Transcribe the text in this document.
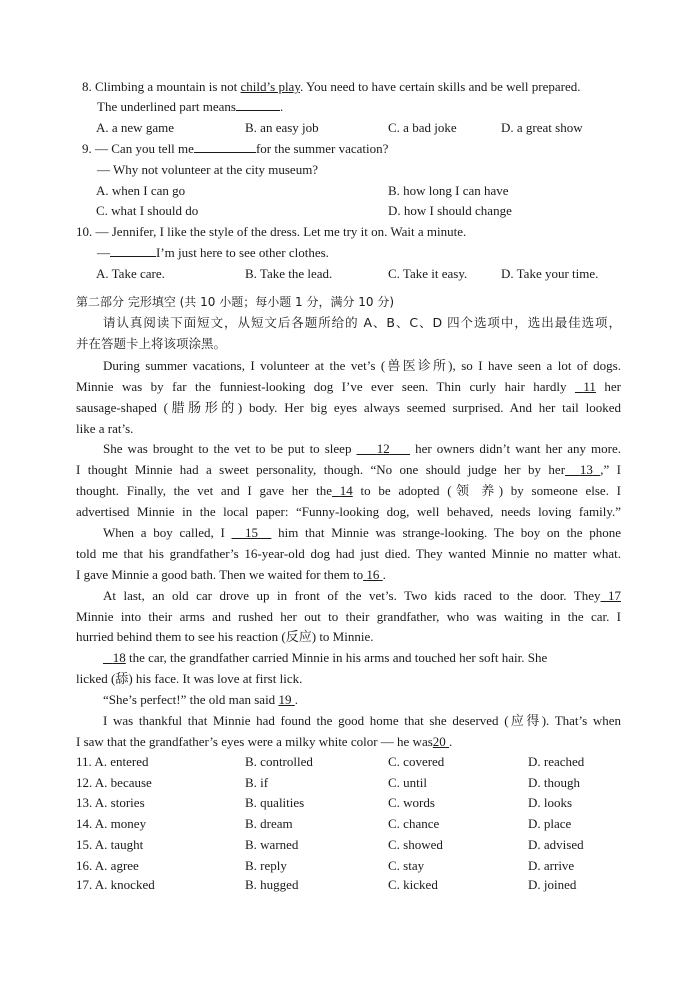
8. Climbing a mountain is not child’s play. You need to have certain skills and be well prepared.
The underlined part means	.
A. a new game	B. an easy job	C. a bad joke	D. a great show
9. — Can you tell me	for the summer vacation?
— Why not volunteer at the city museum?
A. when I can go	B. how long I can have
C. what I should do	D. how I should change
10. — Jennifer, I like the style of the dress. Let me try it on. Wait a minute.
—	I’m just here to see other clothes.
A. Take care.	B. Take the lead.	C. Take it easy.	D. Take your time.
第二部分 完形填空 (共 10 小题；每小题 1 分，满分 10 分)
请认真阅读下面短文，从短文后各题所给的 A、B、C、D 四个选项中，选出最佳选项，
并在答题卡上将该项涂黑。
During summer vacations, I volunteer at the vet’s (兽医诊所), so I have seen a lot of dogs.
Minnie was by far the funniest-looking dog I’ve ever seen. Thin curly hair hardly 11 her
sausage-shaped (腊肠形的) body. Her big eyes always seemed surprised. And her tail looked
like a rat’s.
She was brought to the vet to be put to sleep 12 her owners didn’t want her any more.
I thought Minnie had a sweet personality, though. “No one should judge her by her 13 ,” I
thought. Finally, the vet and I gave her the 14 to be adopted (领 养) by someone else. I
advertised Minnie in the local paper: “Funny-looking dog, well behaved, needs loving family.”
When a boy called, I 15 him that Minnie was strange-looking. The boy on the phone
told me that his grandfather’s 16-year-old dog had just died. They wanted Minnie no matter what.
I gave Minnie a good bath. Then we waited for them to 16 .
At last, an old car drove up in front of the vet’s. Two kids raced to the door. They 17
Minnie into their arms and rushed her out to their grandfather, who was waiting in the car. I
hurried behind them to see his reaction (反应) to Minnie.
18 the car, the grandfather carried Minnie in his arms and touched her soft hair. She
licked (舔) his face. It was love at first lick.
“She’s perfect!” the old man said 19 .
I was thankful that Minnie had found the good home that she deserved (应得). That’s when
I saw that the grandfather’s eyes were a milky white color — he was20 .
11. A. entered	B. controlled	C. covered	D. reached
12. A. because	B. if	C. until	D. though
13. A. stories	B. qualities	C. words	D. looks
14. A. money	B. dream	C. chance	D. place
15. A. taught	B. warned	C. showed	D. advised
16. A. agree	B. reply	C. stay	D. arrive
17. A. knocked	B. hugged	C. kicked	D. joined
